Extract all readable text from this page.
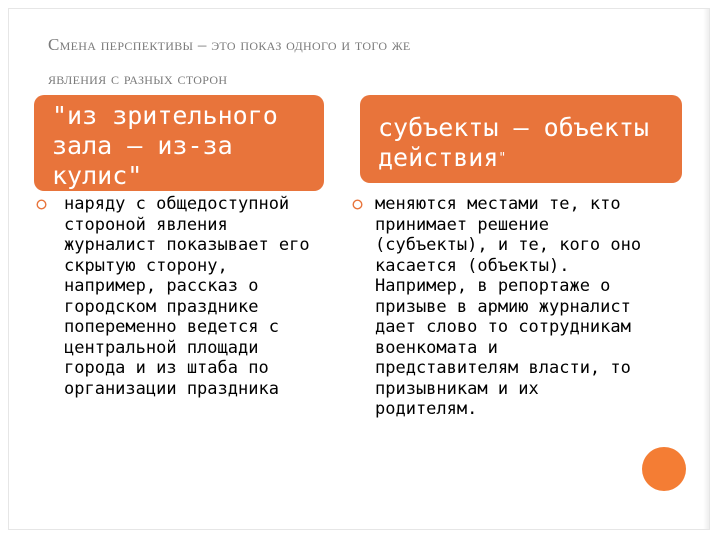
Смена перспективы – это показ одного и того же
явления с разных сторон
"из зрительного зала – из-за кулис"
субъекты – объекты действия"
наряду с общедоступной стороной явления журналист показывает его скрытую сторону, например, рассказ о городском празднике попеременно ведется с центральной площади города и из штаба по организации праздника
меняются местами те, кто принимает решение (субъекты), и те, кого оно касается (объекты). Например, в репортаже о призыве в армию журналист дает слово то сотрудникам военкомата и представителям власти, то призывникам и их родителям.
